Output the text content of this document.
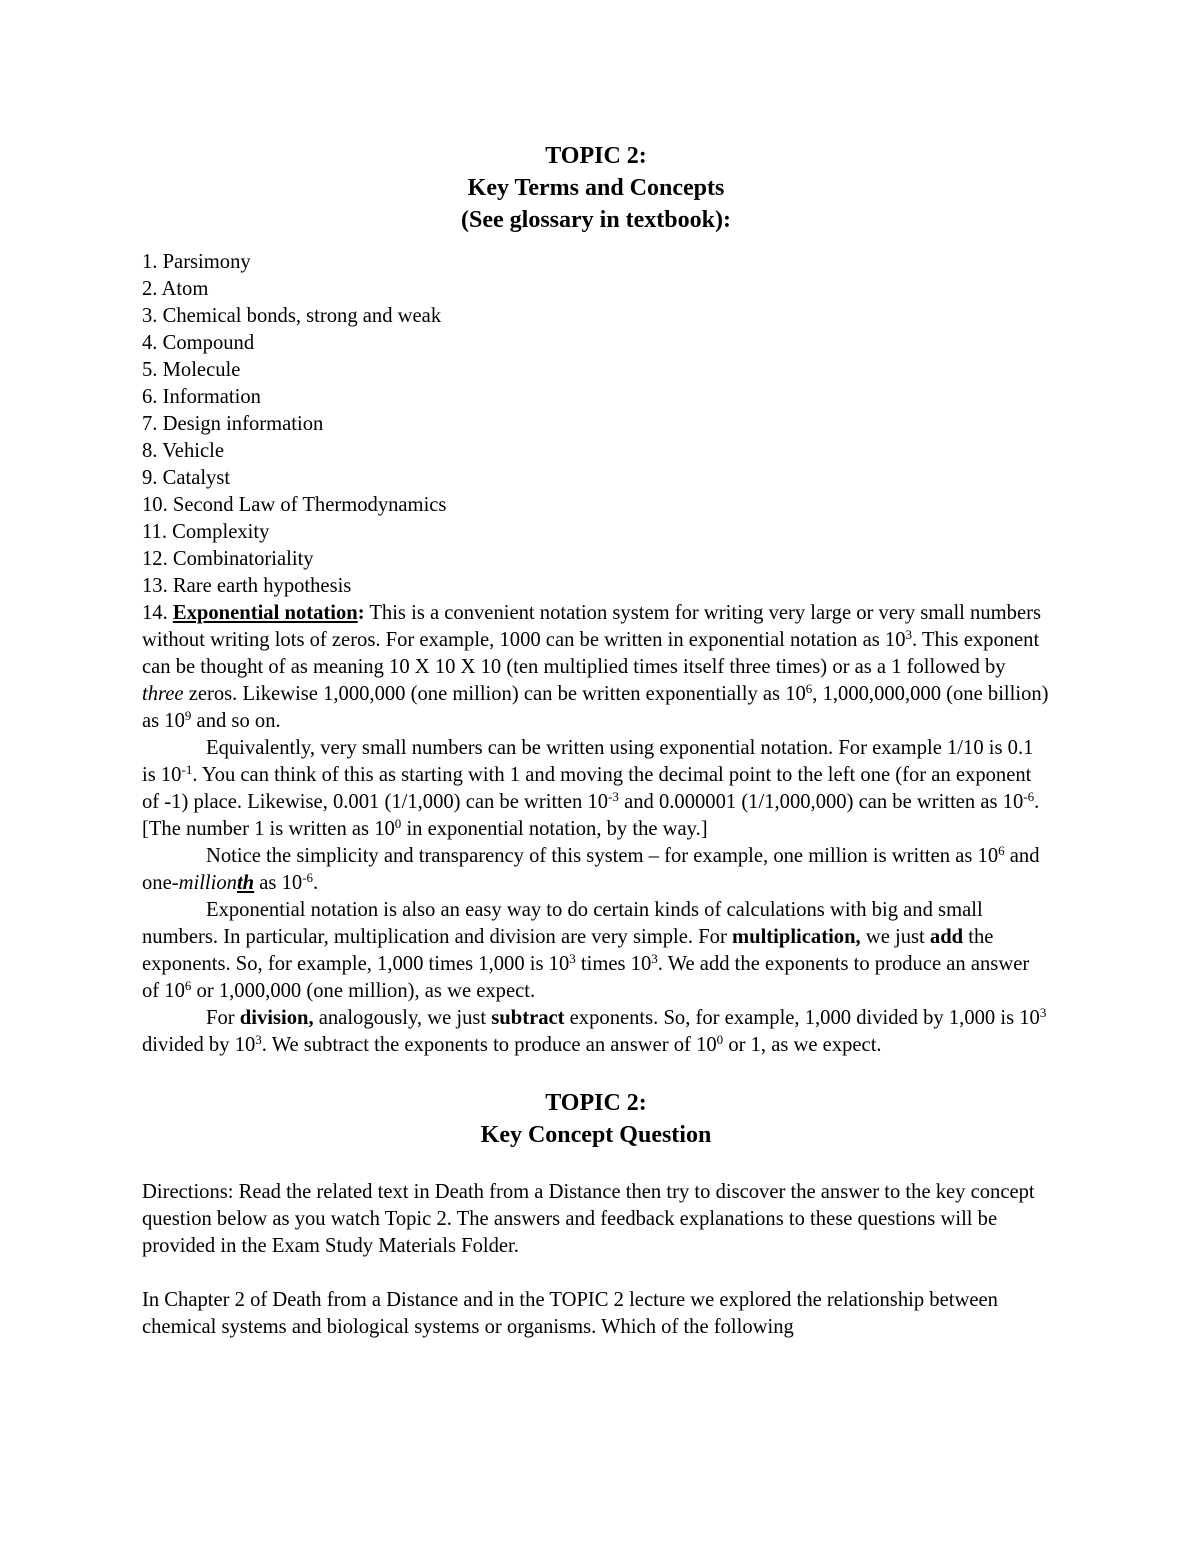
TOPIC 2:
Key Terms and Concepts
(See glossary in textbook):
1. Parsimony
2. Atom
3. Chemical bonds, strong and weak
4. Compound
5. Molecule
6. Information
7. Design information
8. Vehicle
9. Catalyst
10. Second Law of Thermodynamics
11. Complexity
12. Combinatoriality
13. Rare earth hypothesis

14. Exponential notation: This is a convenient notation system for writing very large or very small numbers without writing lots of zeros. For example, 1000 can be written in exponential notation as $10^3$. This exponent can be thought of as meaning 10 X 10 X 10 (ten multiplied times itself three times) or as a 1 followed by three zeros. Likewise 1,000,000 (one million) can be written exponentially as $10^6$, 1,000,000,000 (one billion) as $10^9$ and so on.

Equivalently, very small numbers can be written using exponential notation. For example 1/10 is 0.1 is $10^{-1}$. You can think of this as starting with 1 and moving the decimal point to the left one (for an exponent of -1) place. Likewise, 0.001 (1/1,000) can be written $10^{-3}$ and 0.000001 (1/1,000,000) can be written as $10^{-6}$. [The number 1 is written as $10^0$ in exponential notation, by the way.]

Notice the simplicity and transparency of this system – for example, one million is written as $10^6$ and one-millionth as $10^{-6}$.

Exponential notation is also an easy way to do certain kinds of calculations with big and small numbers. In particular, multiplication and division are very simple. For multiplication, we just add the exponents. So, for example, 1,000 times 1,000 is $10^3$ times $10^3$. We add the exponents to produce an answer of $10^6$ or 1,000,000 (one million), as we expect.

For division, analogously, we just subtract exponents. So, for example, 1,000 divided by 1,000 is $10^3$ divided by $10^3$. We subtract the exponents to produce an answer of $10^0$ or 1, as we expect.

TOPIC 2:
Key Concept Question

Directions: Read the related text in Death from a Distance then try to discover the answer to the key concept question below as you watch Topic 2. The answers and feedback explanations to these questions will be provided in the Exam Study Materials Folder.

In Chapter 2 of Death from a Distance and in the TOPIC 2 lecture we explored the relationship between chemical systems and biological systems or organisms. Which of the following
